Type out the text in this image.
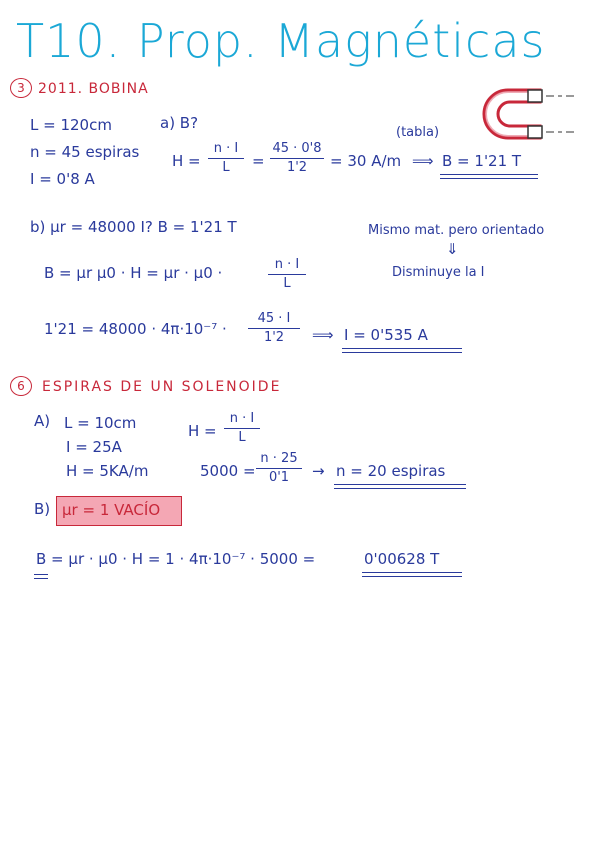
T10. Prop. Magnéticas
3 2011. BOBINA
L = 120cm
n = 45 espiras
I = 0'8 A
a) B?
(tabla)
H =
n · I
L	=
45 · 0'8
1'2	= 30 A/m ⟹ B = 1'21 T
b) μr = 48000 I? B = 1'21 T	Mismo mat. pero orientado
⇓
Disminuye la I
B = μr μ0 · H = μr · μ0 ·	n · I
L
1'21 = 48000 · 4π·10⁻⁷ ·
45 · I
1'2	⟹ I = 0'535 A
6	ESPIRAS DE UN SOLENOIDE
A) L = 10cm
I = 25A
H = 5KA/m
H =
n · I
L
5000 =
n · 25
0'1	→ n = 20 espiras
B) μr = 1 VACÍO
B = μr · μ0 · H = 1 · 4π·10⁻⁷ · 5000 =	0'00628 T
